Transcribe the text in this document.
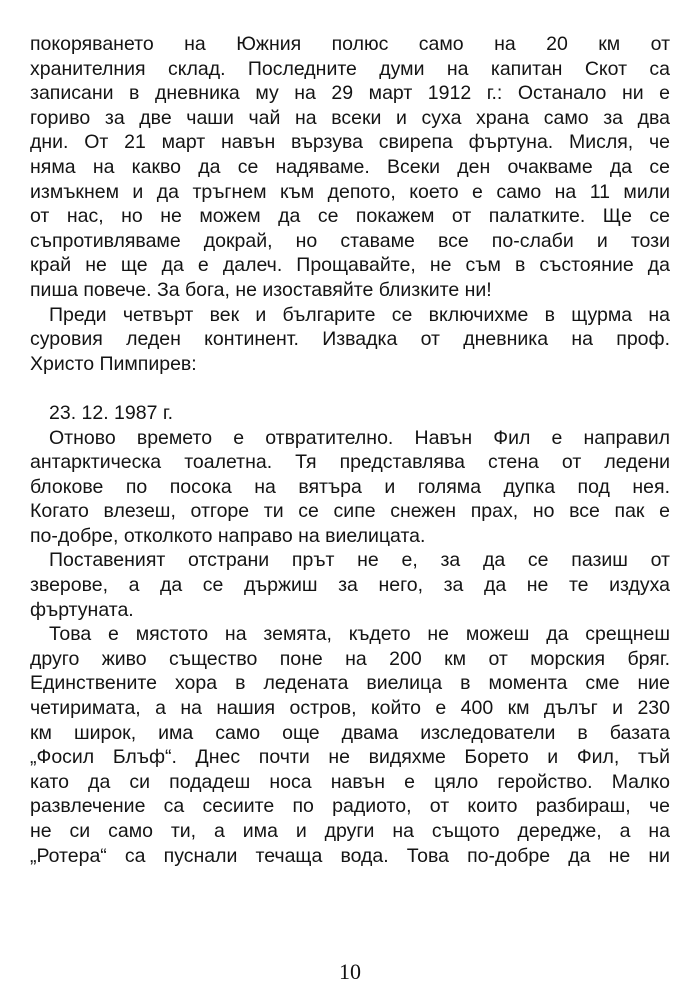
покоряването на Южния полюс само на 20 км от
хранителния склад. Последните думи на капитан Скот са
записани в дневника му на 29 март 1912 г.: Останало ни е
гориво за две чаши чай на всеки и суха храна само за два
дни. От 21 март навън вързува свирепа фъртуна. Мисля, че
няма на какво да се надяваме. Всеки ден очакваме да се
измъкнем и да тръгнем към депото, което е само на 11 мили
от нас, но не можем да се покажем от палатките. Ще се
съпротивляваме докрай, но ставаме все по-слаби и този
край не ще да е далеч. Прощавайте, не съм в състояние да
пиша повече. За бога, не изоставяйте близките ни!
Преди четвърт век и българите се включихме в щурма на
суровия леден континент. Извадка от дневника на проф.
Христо Пимпирев:
23. 12. 1987 г.
Отново времето е отвратително. Навън Фил е направил
антарктическа тоалетна. Тя представлява стена от ледени
блокове по посока на вятъра и голяма дупка под нея.
Когато влезеш, отгоре ти се сипе снежен прах, но все пак е
по-добре, отколкото направо на виелицата.
Поставеният отстрани прът не е, за да се пазиш от
зверове, а да се държиш за него, за да не те издуха
фъртуната.
Това е мястото на земята, където не можеш да срещнеш
друго живо същество поне на 200 км от морския бряг.
Единствените хора в ледената виелица в момента сме ние
четиримата, а на нашия остров, който е 400 км дълъг и 230
км широк, има само още двама изследователи в базата
„Фосил Блъф“. Днес почти не видяхме Борето и Фил, тъй
като да си подадеш носа навън е цяло геройство. Малко
развлечение са сесиите по радиото, от които разбираш, че
не си само ти, а има и други на същото дередже, а на
„Ротера“ са пуснали течаща вода. Това по-добре да не ни
10
